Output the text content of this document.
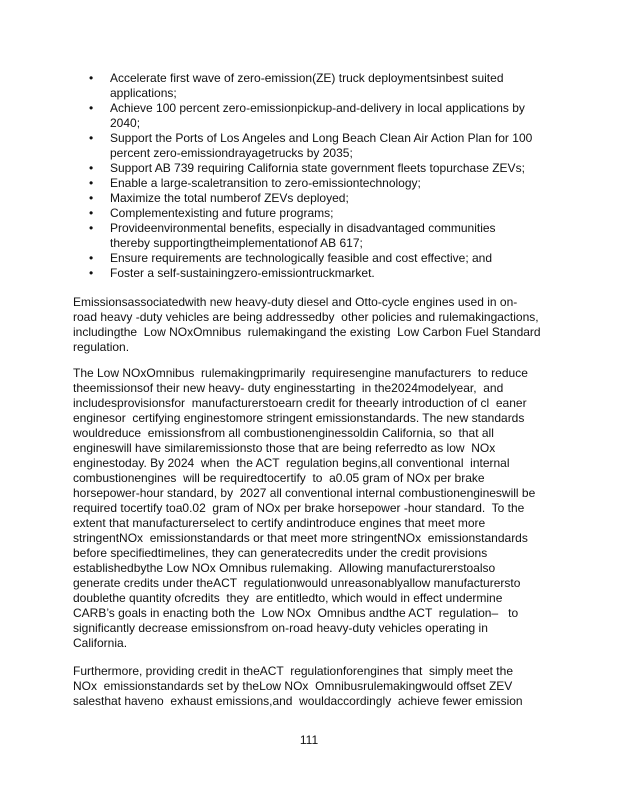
•	Accelerate first wave of zero-emission(ZE) truck deploymentsinbest suited
applications;
•	Achieve 100 percent zero-emissionpickup-and-delivery in local applications by
2040;
•	Support the Ports of Los Angeles and Long Beach Clean Air Action Plan for 100
percent zero-emissiondrayagetrucks by 2035;
•	Support AB 739 requiring California state government fleets topurchase ZEVs;
•	Enable a large-scaletransition to zero-emissiontechnology;
•	Maximize the total numberof ZEVs deployed;
•	Complementexisting and future programs;
•	Provideenvironmental benefits, especially in disadvantaged communities
thereby supportingtheimplementationof AB 617;
•	Ensure requirements are technologically feasible and cost effective; and
•	Foster a self-sustainingzero-emissiontruckmarket.
Emissionsassociatedwith new heavy-duty diesel and Otto-cycle engines used in on-
road heavy -duty vehicles are being addressedby  other policies and rulemakingactions,
includingthe  Low NOxOmnibus  rulemakingand the existing  Low Carbon Fuel Standard
regulation.
The Low NOxOmnibus  rulemakingprimarily  requiresengine manufacturers  to reduce
theemissionsof their new heavy- duty enginesstarting  in the2024modelyear,  and
includesprovisionsfor  manufacturerstoearn credit for theearly introduction of cl  eaner
enginesor  certifying enginestomore stringent emissionstandards. The new standards
wouldreduce  emissionsfrom all combustionenginessoldin California, so  that all
engineswill have similaremissionsto those that are being referredto as low  NOx
enginestoday. By 2024  when  the ACT  regulation begins,all conventional  internal
combustionengines  will be requiredtocertify  to  a0.05 gram of NOx per brake
horsepower-hour standard, by  2027 all conventional internal combustionengineswill be
required tocertify toa0.02  gram of NOx per brake horsepower -hour standard.  To the
extent that manufacturerselect to certify andintroduce engines that meet more
stringentNOx  emissionstandards or that meet more stringentNOx  emissionstandards
before specifiedtimelines, they can generatecredits under the credit provisions
establishedbythe Low NOx Omnibus rulemaking.  Allowing manufacturerstoalso
generate credits under theACT  regulationwould unreasonablyallow manufacturersto
doublethe quantity ofcredits  they  are entitledto, which would in effect undermine
CARB’s goals in enacting both the  Low NOx  Omnibus andthe ACT  regulation–   to
significantly decrease emissionsfrom on-road heavy-duty vehicles operating in
California.
Furthermore, providing credit in theACT  regulationforengines that  simply meet the
NOx  emissionstandards set by theLow NOx  Omnibusrulemakingwould offset ZEV
salesthat haveno  exhaust emissions,and  wouldaccordingly  achieve fewer emission
111
